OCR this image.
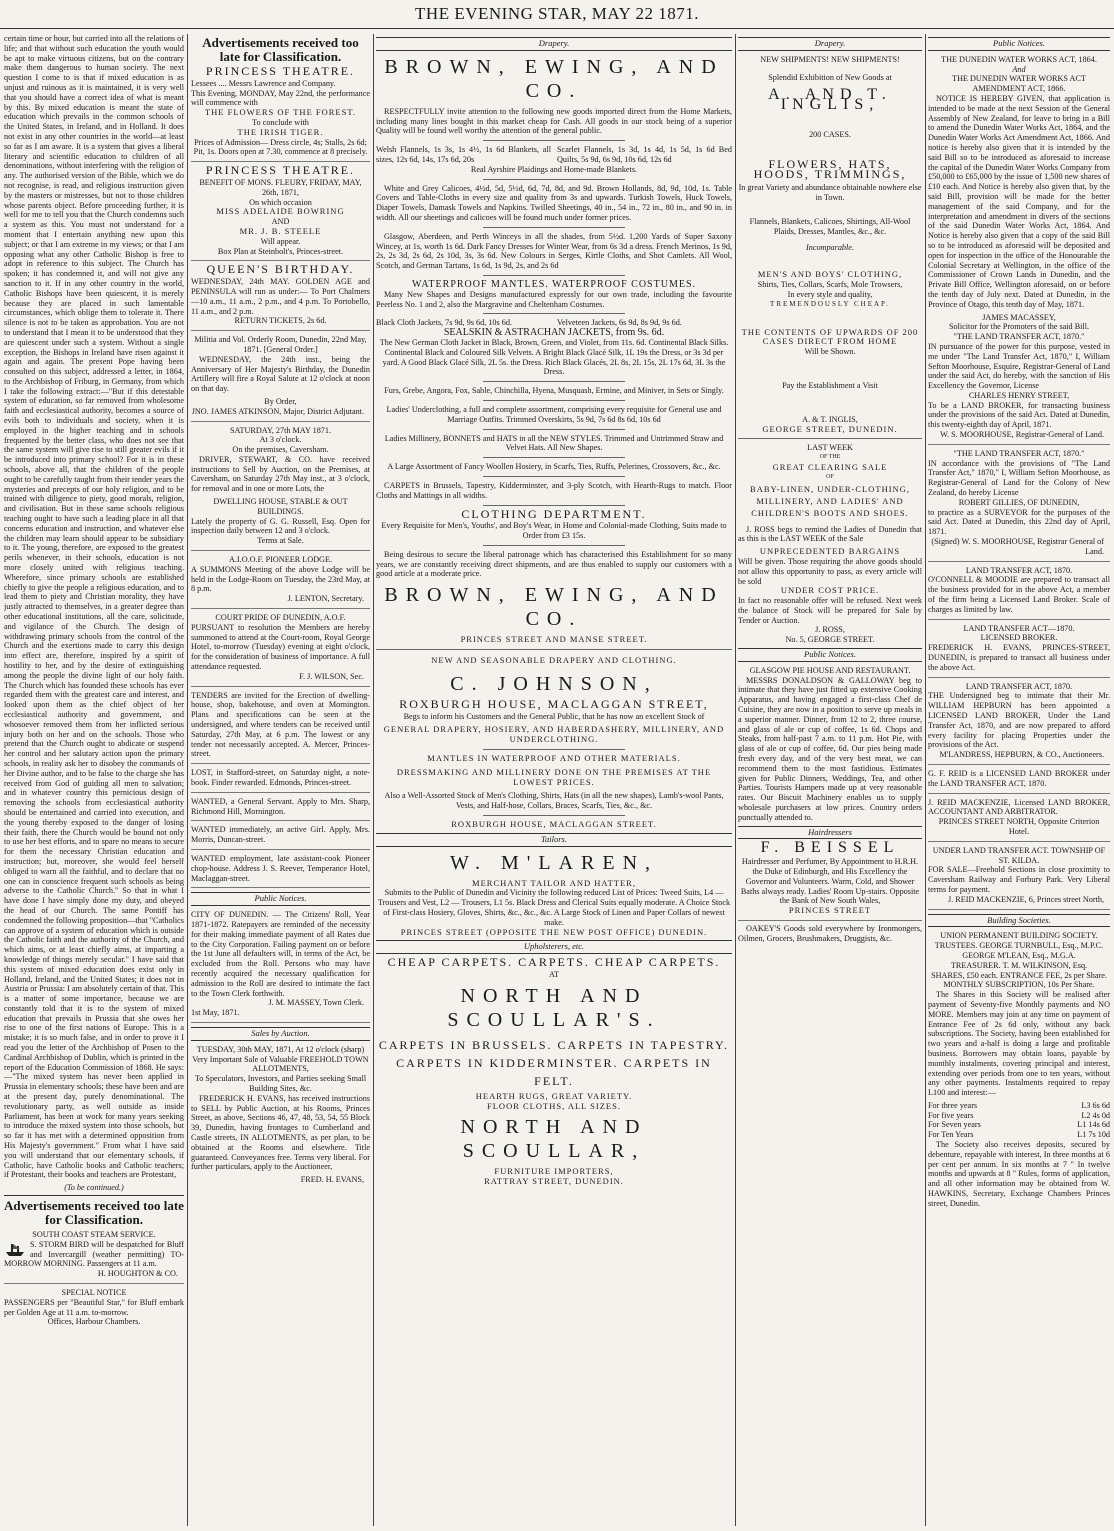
THE EVENING STAR, MAY 22 1871.
certain time or hour, but carried into all the relations of life; and that without such education the youth would be apt to make virtuous citizens, but on the contrary make them dangerous to human society. The next question I come to is that if mixed education is as unjust and ruinous as it is maintained, it is very well that you should have a correct idea of what is meant by this. By mixed education is meant the state of education which prevails in the common schools of the United States, in Ireland, and in Holland. It does not exist in any other countries in the world—at least so far as I am aware. It is a system that gives a liberal literary and scientific education to children of all denominations, without interfering with the religion of any. The authorised version of the Bible, which we do not recognise, is read, and religious instruction given by the masters or mistresses, but not to those children whose parents object. Before proceeding further, it is well for me to tell you that the Church condemns such a system as this. You must not understand for a moment that I entertain anything new upon this subject; or that I am extreme in my views; or that I am opposing what any other Catholic Bishop is free to adopt in reference to this subject. The Church has spoken; it has condemned it, and will not give any sanction to it. If in any other country in the world, Catholic Bishops have been quiescent, it is merely because they are placed in such lamentable circumstances, which oblige them to tolerate it. There silence is not to be taken as approbation. You are not to understand that I mean it to be understood that they are quiescent under such a system. Without a single exception, the Bishops in Ireland have risen against it again and again. The present Pope having been consulted on this subject, addressed a letter, in 1864, to the Archbishop of Friburg, in Germany, from which I take the following extract:—"But if this detestable system of education, so far removed from wholesome faith and ecclesiastical authority, becomes a source of evils both to individuals and society, when it is employed in the higher teaching and in schools frequented by the better class, who does not see that the same system will give rise to still greater evils if it be introduced into primary school? For it is in these schools, above all, that the children of the people ought to be carefully taught from their tender years the mysteries and precepts of our holy religion, and to be trained with diligence to piety, good morals, religion, and civilisation. But in these same schools religious teaching ought to have such a leading place in all that concerns education and instruction, and whatever else the children may learn should appear to be subsidiary to it. The young, therefore, are exposed to the greatest perils whenever, in their schools, education is not more closely united with religious teaching. Wherefore, since primary schools are established chiefly to give the people a religious education, and to lead them to piety and Christian morality, they have justly attracted to themselves, in a greater degree than other educational institutions, all the care, solicitude, and vigilance of the Church. The design of withdrawing primary schools from the control of the Church and the exertions made to carry this design into effect are, therefore, inspired by a spirit of hostility to her, and by the desire of extinguishing among the people the divine light of our holy faith. The Church which has founded these schools has ever regarded them with the greatest care and interest, and looked upon them as the chief object of her ecclesiastical authority and government, and whosoever removed them from her inflicted serious injury both on her and on the schools. Those who pretend that the Church ought to abdicate or suspend her control and her salutary action upon the primary schools, in reality ask her to disobey the commands of her Divine author, and to be false to the charge she has received from God of guiding all men to salvation; and in whatever country this pernicious design of removing the schools from ecclesiastical authority should be entertained and carried into execution, and the young thereby exposed to the danger of losing their faith, there the Church would be bound not only to use her best efforts, and to spare no means to secure for them the necessary Christian education and instruction; but, moreover, she would feel herself obliged to warn all the faithful, and to declare that no one can in conscience frequent such schools as being adverse to the Catholic Church." So that in what I have done I have simply done my duty, and obeyed the head of our Church. The same Pontiff has condemned the following proposition—that "Catholics can approve of a system of education which is outside the Catholic faith and the authority of the Church, and which aims, or at least chiefly aims, at imparting a knowledge of things merely secular." I have said that this system of mixed education does exist only in Holland, Ireland, and the United States; it does not in Austria or Prussia: I am absolutely certain of that. This is a matter of some importance, because we are constantly told that it is to the system of mixed education that prevails in Prussia that she owes her rise to one of the first nations of Europe. This is a mistake; it is so much false, and in order to prove it I read you the letter of the Archbishop of Posen to the Cardinal Archbishop of Dublin, which is printed in the report of the Education Commission of 1868. He says:—"The mixed system has never been applied in Prussia in elementary schools; these have been and are at the present day, purely denominational. The revolutionary party, as well outside as inside Parliament, has been at work for many years seeking to introduce the mixed system into those schools, but so far it has met with a determined opposition from His Majesty's government." From what I have said you will understand that our elementary schools, if Catholic, have Catholic books and Catholic teachers; if Protestant, their books and teachers are Protestant,
(To be continued.)
Advertisements received too late for Classification.
SOUTH COAST STEAM SERVICE.
S. STORM BIRD will be despatched for Bluff and Invercargill (weather permitting) TO-MORROW MORNING. Passengers at 11 a.m.
H. HOUGHTON & CO.
SPECIAL NOTICE
PASSENGERS per "Beautiful Star," for Bluff embark per Golden Age at 11 a.m. to-morrow.
Offices, Harbour Chambers.
Advertisements received too late for Classification.
PRINCESS THEATRE.
Lessees .... Messrs Lawrence and Company.
This Evening, MONDAY, May 22nd, the performance will commence with
THE FLOWERS OF THE FOREST.
To conclude with
THE IRISH TIGER.
Prices of Admission— Dress circle, 4s; Stalls, 2s 6d; Pit, 1s. Doors open at 7.30, commence at 8 precisely.
PRINCESS THEATRE.
BENEFIT OF MONS. FLEURY, FRIDAY, MAY, 26th, 1871,
On which occasion
MISS ADELAIDE BOWRING
AND
MR. J. B. STEELE
Will appear.
Box Plan at Steinbolt's, Princes-street.
QUEEN'S BIRTHDAY.
WEDNESDAY, 24th MAY. GOLDEN AGE and PENINSULA will run as under:— To Port Chalmers—10 a.m., 11 a.m., 2 p.m., and 4 p.m. To Portobello, 11 a.m., and 2 p.m.
RETURN TICKETS, 2s 6d.
Militia and Vol. Orderly Room, Dunedin, 22nd May, 1871. [General Order.]
WEDNESDAY, the 24th inst., being the Anniversary of Her Majesty's Birthday, the Dunedin Artillery will fire a Royal Salute at 12 o'clock at noon on that day.
By Order,
JNO. JAMES ATKINSON, Major, District Adjutant.
SATURDAY, 27th MAY 1871.
At 3 o'clock.
On the premises, Caversham.
DRIVER, STEWART, & CO. have received instructions to Sell by Auction, on the Premises, at Caversham, on Saturday 27th May inst., at 3 o'clock, for removal and in one or more Lots, the
DWELLING HOUSE, STABLE & OUT BUILDINGS.
Lately the property of G. G. Russell, Esq. Open for inspection daily between 12 and 3 o'clock.
Terms at Sale.
A.I.O.O.F. PIONEER LODGE.
A SUMMONS Meeting of the above Lodge will be held in the Lodge-Room on Tuesday, the 23rd May, at 8 p.m.
J. LENTON, Secretary.
COURT PRIDE OF DUNEDIN, A.O.F.
PURSUANT to resolution the Members are hereby summoned to attend at the Court-room, Royal George Hotel, to-morrow (Tuesday) evening at eight o'clock, for the consideration of business of importance. A full attendance requested.
F. J. WILSON, Sec.
TENDERS are invited for the Erection of dwelling-house, shop, bakehouse, and oven at Mornington. Plans and specifications can be seen at the undersigned, and where tenders can be received until Saturday, 27th May, at 6 p.m. The lowest or any tender not necessarily accepted. A. Mercer, Princes-street.
LOST, in Stafford-street, on Saturday night, a note-book. Finder rewarded. Edmonds, Princes-street.
WANTED, a General Servant. Apply to Mrs. Sharp, Richmond Hill, Mornington.
WANTED immediately, an active Girl. Apply, Mrs. Morris, Duncan-street.
WANTED employment, late assistant-cook Pioneer chop-house. Address J. S. Reever, Temperance Hotel, Maclaggan-street.
Public Notices.
CITY OF DUNEDIN. — The Citizens' Roll, Year 1871-1872. Ratepayers are reminded of the necessity for their making immediate payment of all Rates due to the City Corporation. Failing payment on or before the 1st June all defaulters will, in terms of the Act, be excluded from the Roll. Persons who may have recently acquired the necessary qualification for admission to the Roll are desired to intimate the fact to the Town Clerk forthwith.
J. M. MASSEY, Town Clerk.
1st May, 1871.
Sales by Auction.
TUESDAY, 30th MAY, 1871, At 12 o'clock (sharp)
Very Important Sale of Valuable FREEHOLD TOWN ALLOTMENTS,
To Speculators, Investors, and Parties seeking Small Building Sites, &c.
FREDERICK H. EVANS, has received instructions to SELL by Public Auction, at his Rooms, Princes Street, as above, Sections 46, 47, 48, 53, 54, 55 Block 39, Dunedin, having frontages to Cumberland and Castle streets, IN ALLOTMENTS, as per plan, to be obtained at the Rooms and elsewhere. Title guaranteed. Conveyances free. Terms very liberal. For further particulars, apply to the Auctioneer,
FRED. H. EVANS,
Drapery.
BROWN, EWING, AND CO.
RESPECTFULLY invite attention to the following new goods imported direct from the Home Markets, including many lines bought in this market cheap for Cash. All goods in our stock being of a superior Quality will be found well worthy the attention of the general public.
Welsh Flannels, 1s 3s, 1s 4½, 1s 6d Blankets, all sizes, 12s 6d, 14s, 17s 6d, 20s
Scarlet Flannels, 1s 3d, 1s 4d, 1s 5d, 1s 6d Bed Quilts, 5s 9d, 6s 9d, 10s 6d, 12s 6d
Real Ayrshire Plaidings and Home-made Blankets.
White and Grey Calicoes, 4½d, 5d, 5½d, 6d, 7d, 8d, and 9d. Brown Hollands, 8d, 9d, 10d, 1s. Table Covers and Table-Cloths in every size and quality from 3s and upwards. Turkish Towels, Huck Towels, Diaper Towels, Damask Towels and Napkins. Twilled Sheetings, 40 in., 54 in., 72 in., 80 in., and 90 in. in width. All our sheetings and calicoes will be found much under former prices.
Glasgow, Aberdeen, and Perth Winceys in all the shades, from 5½d. 1,200 Yards of Super Saxony Wincey, at 1s, worth 1s 6d. Dark Fancy Dresses for Winter Wear, from 6s 3d a dress. French Merinos, 1s 9d, 2s, 2s 3d, 2s 6d, 2s 10d, 3s, 3s 6d. New Colours in Serges, Kirtle Cloths, and Shot Camlets. All Wool, Scotch, and German Tartans, 1s 6d, 1s 9d, 2s, and 2s 6d
WATERPROOF MANTLES. WATERPROOF COSTUMES.
Many New Shapes and Designs manufactured expressly for our own trade, including the favourite Peerless No. 1 and 2, also the Margravine and Cheltenham Costumes.
Black Cloth Jackets, 7s 9d, 9s 6d, 10s 6d.	Velveteen Jackets, 6s 9d, 8s 9d, 9s 6d.
SEALSKIN & ASTRACHAN JACKETS, from 9s. 6d.
The New German Cloth Jacket in Black, Brown, Green, and Violet, from 11s. 6d. Continental Black Silks. Continental Black and Coloured Silk Velvets. A Bright Black Glacé Silk, 1L 19s the Dress, or 3s 3d per yard. A Good Black Glacé Silk, 2L 5s. the Dress. Rich Black Glacés, 2L 8s, 2L 15s, 2L 17s 6d, 3L 3s the Dress.
Furs, Grebe, Angora, Fox, Sable, Chinchilla, Hyena, Musquash, Ermine, and Miniver, in Sets or Singly.
Ladies' Underclothing, a full and complete assortment, comprising every requisite for General use and Marriage Outfits. Trimmed Overskirts, 5s 9d, 7s 6d 8s 6d, 10s 6d
Ladies Millinery, BONNETS and HATS in all the NEW STYLES. Trimmed and Untrimmed Straw and Velvet Hats. All New Shapes.
A Large Assortment of Fancy Woollen Hosiery, in Scarfs, Ties, Ruffs, Pelerines, Crossovers, &c., &c.
CARPETS in Brussels, Tapestry, Kidderminster, and 3-ply Scotch, with Hearth-Rugs to match. Floor Cloths and Mattings in all widths.
CLOTHING DEPARTMENT.
Every Requisite for Men's, Youths', and Boy's Wear, in Home and Colonial-made Clothing, Suits made to Order from £3 15s.
Being desirous to secure the liberal patronage which has characterised this Establishment for so many years, we are constantly receiving direct shipments, and are thus enabled to supply our customers with a good article at a moderate price.
BROWN, EWING, AND CO.
PRINCES STREET AND MANSE STREET.
NEW AND SEASONABLE DRAPERY AND CLOTHING.
C. JOHNSON,
ROXBURGH HOUSE, MACLAGGAN STREET,
Begs to inform his Customers and the General Public, that he has now an excellent Stock of
GENERAL DRAPERY, HOSIERY, AND HABERDASHERY, MILLINERY, AND UNDERCLOTHING.
MANTLES IN WATERPROOF AND OTHER MATERIALS.
DRESSMAKING AND MILLINERY DONE ON THE PREMISES AT THE LOWEST PRICES.
Also a Well-Assorted Stock of Men's Clothing, Shirts, Hats (in all the new shapes), Lamb's-wool Pants, Vests, and Half-hose, Collars, Braces, Scarfs, Ties, &c., &c.
ROXBURGH HOUSE, MACLAGGAN STREET.
Tailors.
W. M'LAREN,
MERCHANT TAILOR AND HATTER,
Submits to the Public of Dunedin and Vicinity the following reduced List of Prices: Tweed Suits, L4 — Trousers and Vest, L2 — Trousers, L1 5s. Black Dress and Clerical Suits equally moderate. A Choice Stock of First-class Hosiery, Gloves, Shirts, &c., &c., &c. A Large Stock of Linen and Paper Collars of newest make.
PRINCES STREET (OPPOSITE THE NEW POST OFFICE) DUNEDIN.
Upholsterers, etc.
CHEAP CARPETS. CARPETS. CHEAP CARPETS.
AT
NORTH AND SCOULLAR'S.
CARPETS IN BRUSSELS. CARPETS IN TAPESTRY. CARPETS IN KIDDERMINSTER. CARPETS IN FELT.
HEARTH RUGS, GREAT VARIETY.
FLOOR CLOTHS, ALL SIZES.
NORTH AND SCOULLAR,
FURNITURE IMPORTERS,
RATTRAY STREET, DUNEDIN.
Drapery.
NEW SHIPMENTS! NEW SHIPMENTS!
Splendid Exhibition of New Goods at
A. AND T. INGLIS,
200 CASES.
FLOWERS, HATS, HOODS, TRIMMINGS,
In great Variety and abundance obtainable nowhere else in Town.
Flannels, Blankets, Calicoes, Shirtings, All-Wool Plaids, Dresses, Mantles, &c., &c.
Incomparable.
MEN'S AND BOYS' CLOTHING,
Shirts, Ties, Collars, Scarfs, Mole Trowsers,
In every style and quality,
TREMENDOUSLY CHEAP.
THE CONTENTS OF UPWARDS OF 200 CASES DIRECT FROM HOME
Will be Shown.
Pay the Establishment a Visit
A. & T. INGLIS,
GEORGE STREET, DUNEDIN.
LAST WEEK
OF THE
GREAT CLEARING SALE
OF
BABY-LINEN, UNDER-CLOTHING, MILLINERY, AND LADIES' AND CHILDREN'S BOOTS AND SHOES.
J. ROSS begs to remind the Ladies of Dunedin that as this is the LAST WEEK of the Sale
UNPRECEDENTED BARGAINS
Will be given. Those requiring the above goods should not allow this opportunity to pass, as every article will be sold
UNDER COST PRICE.
In fact no reasonable offer will be refused. Next week the balance of Stock will be prepared for Sale by Tender or Auction.
J. ROSS,
No. 5, GEORGE STREET.
Public Notices.
GLASGOW PIE HOUSE AND RESTAURANT.
MESSRS DONALDSON & GALLOWAY beg to intimate that they have just fitted up extensive Cooking Apparatus, and having engaged a first-class Chef de Cuisine, they are now in a position to serve up meals in a superior manner. Dinner, from 12 to 2, three course, and glass of ale or cup of coffee, 1s 6d. Chops and Steaks, from half-past 7 a.m. to 11 p.m. Hot Pie, with glass of ale or cup of coffee, 6d. Our pies being made fresh every day, and of the very best meat, we can recommend them to the most fastidious. Estimates given for Public Dinners, Weddings, Tea, and other Parties. Tourists Hampers made up at very reasonable rates. Our Biscuit Machinery enables us to supply wholesale purchasers at low prices. Country orders punctually attended to.
Hairdressers
F. BEISSEL
Hairdresser and Perfumer, By Appointment to H.R.H. the Duke of Edinburgh, and His Excellency the Governor and Volunteers. Warm, Cold, and Shower Baths always ready. Ladies' Room Up-stairs. Opposite the Bank of New South Wales,
PRINCES STREET
OAKEY'S Goods sold everywhere by Ironmongers, Oilmen, Grocers, Brushmakers, Druggists, &c.
Public Notices.
THE DUNEDIN WATER WORKS ACT, 1864.
And
THE DUNEDIN WATER WORKS ACT AMENDMENT ACT, 1866.
NOTICE IS HEREBY GIVEN, that application is intended to be made at the next Session of the General Assembly of New Zealand, for leave to bring in a Bill to amend the Dunedin Water Works Act, 1864, and the Dunedin Water Works Act Amendment Act, 1866. And notice is hereby also given that it is intended by the said Bill so to be introduced as aforesaid to increase the capital of the Dunedin Water Works Company from £50,000 to £65,000 by the issue of 1,500 new shares of £10 each. And Notice is hereby also given that, by the said Bill, provision will be made for the better management of the said Company, and for the interpretation and amendment in divers of the sections of the said Dunedin Water Works Act, 1864. And Notice is hereby also given that a copy of the said Bill so to be introduced as aforesaid will be deposited and open for inspection in the office of the Honourable the Colonial Secretary at Wellington, in the office of the Commissioner of Crown Lands in Dunedin, and the Private Bill Office, Wellington aforesaid, on or before the tenth day of July next. Dated at Dunedin, in the Province of Otago, this tenth day of May, 1871.
JAMES MACASSEY,
Solicitor for the Promoters of the said Bill.
"THE LAND TRANSFER ACT, 1870."
IN pursuance of the power for this purpose, vested in me under "The Land Transfer Act, 1870," I, William Sefton Moorhouse, Esquire, Registrar-General of Land under the said Act, do hereby, with the sanction of His Excellency the Governor, License
CHARLES HENRY STREET,
To be a LAND BROKER, for transacting business under the provisions of the said Act. Dated at Dunedin, this twenty-eighth day of April, 1871.
W. S. MOORHOUSE, Registrar-General of Land.
"THE LAND TRANSFER ACT, 1870."
IN accordance with the provisions of "The Land Transfer Act," 1870," I, William Sefton Moorhouse, as Registrar-General of Land for the Colony of New Zealand, do hereby License
ROBERT GILLIES, OF DUNEDIN,
to practice as a SURVEYOR for the purposes of the said Act. Dated at Dunedin, this 22nd day of April, 1871.
(Signed) W. S. MOORHOUSE, Registrar General of Land.
LAND TRANSFER ACT, 1870.
O'CONNELL & MOODIE are prepared to transact all the business provided for in the above Act, a member of the firm being a Licensed Land Broker. Scale of charges as limited by law.
LAND TRANSFER ACT—1870.
LICENSED BROKER.
FREDERICK H. EVANS, PRINCES-STREET, DUNEDIN, is prepared to transact all business under the above Act.
LAND TRANSFER ACT, 1870.
THE Undersigned beg to intimate that their Mr. WILLIAM HEPBURN has been appointed a LICENSED LAND BROKER, Under the Land Transfer Act, 1870, and are now prepared to afford every facility for placing Properties under the provisions of the Act.
M'LANDRESS, HEPBURN, & CO., Auctioneers.
G. F. REID is a LICENSED LAND BROKER under the LAND TRANSFER ACT, 1870.
J. REID MACKENZIE, Licensed LAND BROKER, ACCOUNTANT AND ARBITRATOR.
PRINCES STREET NORTH, Opposite Criterion Hotel.
UNDER LAND TRANSFER ACT. TOWNSHIP OF ST. KILDA.
FOR SALE—Freehold Sections in close proximity to Caversham Railway and Forbury Park. Very Liberal terms for payment.
J. REID MACKENZIE, 6, Princes street North,
Building Societies.
UNION PERMANENT BUILDING SOCIETY.
TRUSTEES. GEORGE TURNBULL, Esq., M.P.C. GEORGE M'LEAN, Esq., M.G.A.
TREASURER. T. M. WILKINSON, Esq.
SHARES, £50 each. ENTRANCE FEE, 2s per Share. MONTHLY SUBSCRIPTION, 10s Per Share.
The Shares in this Society will be realised after payment of Seventy-five Monthly payments and NO MORE. Members may join at any time on payment of Entrance Fee of 2s 6d only, without any back subscriptions. The Society, having been established for two years and a-half is doing a large and profitable business. Borrowers may obtain loans, payable by monthly instalments, covering principal and interest, extending over periods from one to ten years, without any other payments. Instalments required to repay L100 and interest:—
For three years	L3 6s 6d
For five years	L2 4s 0d
For Seven years	L1 14s 6d
For Ten Years	L1 7s 10d
The Society also receives deposits, secured by debenture, repayable with interest, In three months at 6 per cent per annum. In six months at 7 " In twelve months and upwards at 8 " Rules, forms of application, and all other information may be obtained from W. HAWKINS, Secretary, Exchange Chambers Princes street, Dunedin.
